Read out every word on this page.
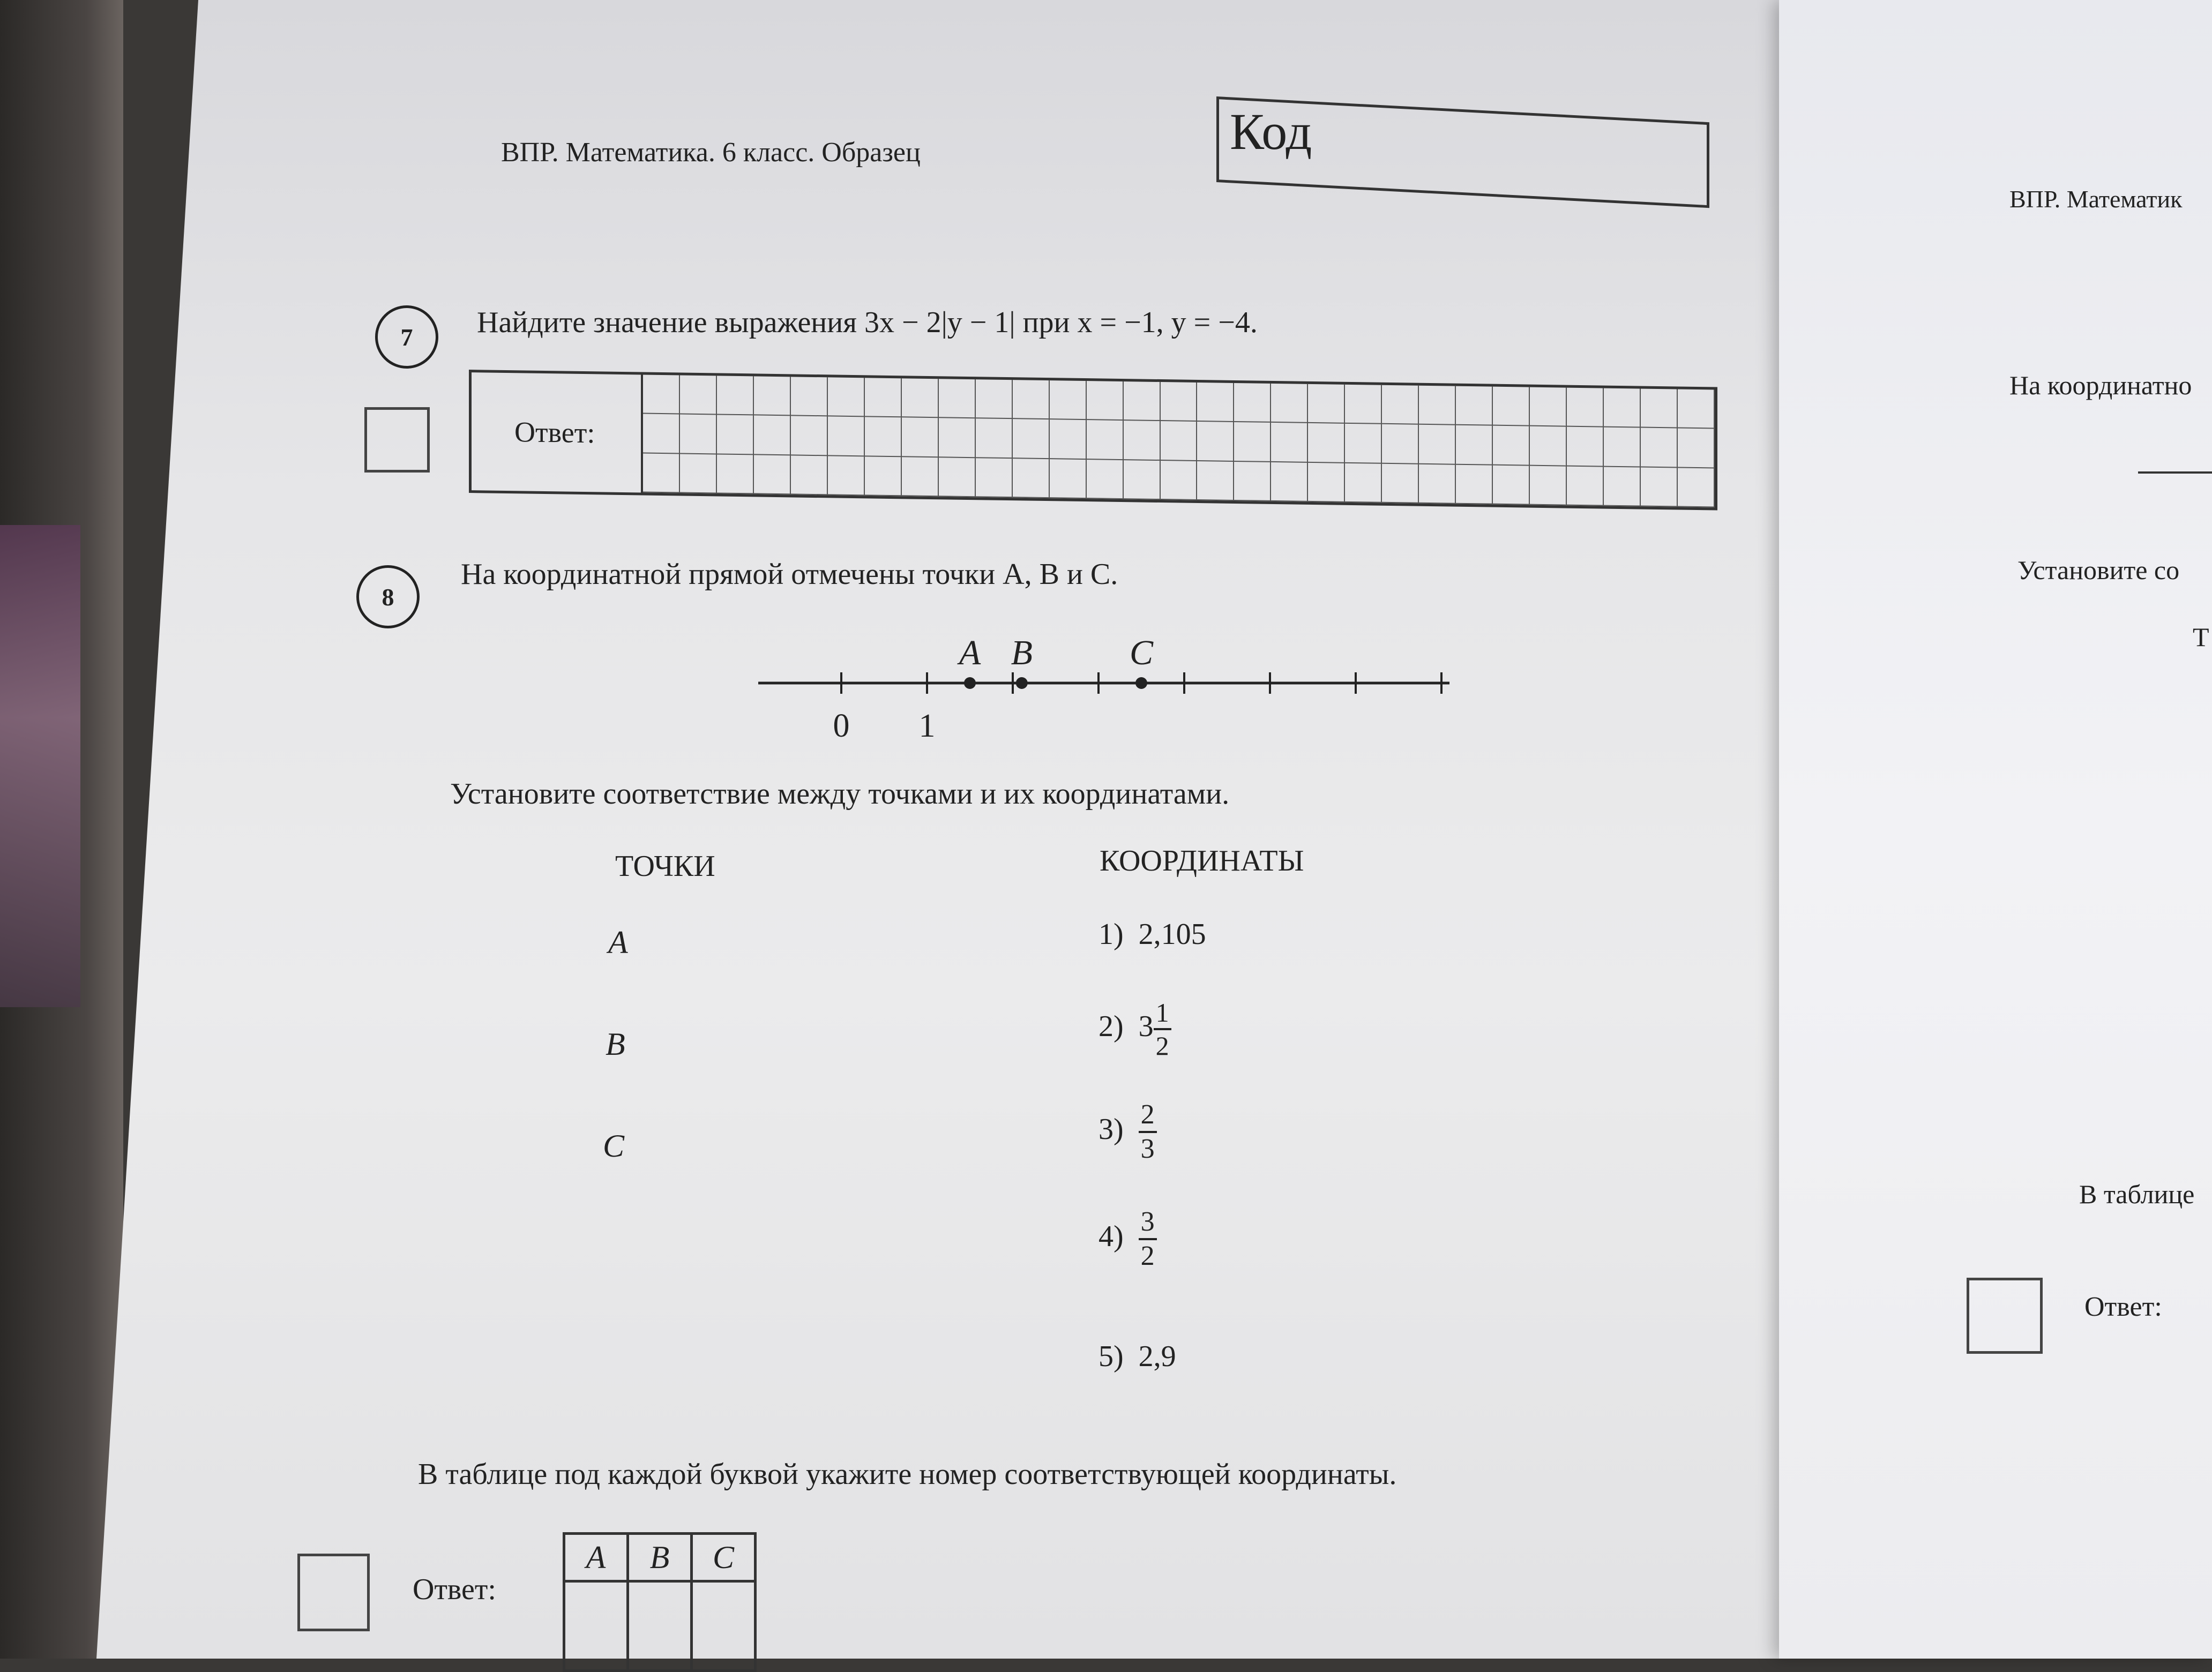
ВПР. Математик
На координатно
Установите со
Т
В таблице
Ответ:
ВПР. Математика. 6 класс. Образец	Код
7	Найдите значение выражения 3x − 2|y − 1| при x = −1, y = −4.
Ответ:
8
На координатной прямой отмечены точки A, B и C.
0 1
A B	C
Установите соответствие между точками и их координатами.
ТОЧКИ	КООРДИНАТЫ
A
B
C
1) 2,105
2) $3 \frac{1}{2}$
$3) \frac{2}{3}$
$4) \frac{3}{2}$
5) 2,9
В таблице под каждой буквой укажите номер соответствующей координаты.
Ответ:
A	B	C
